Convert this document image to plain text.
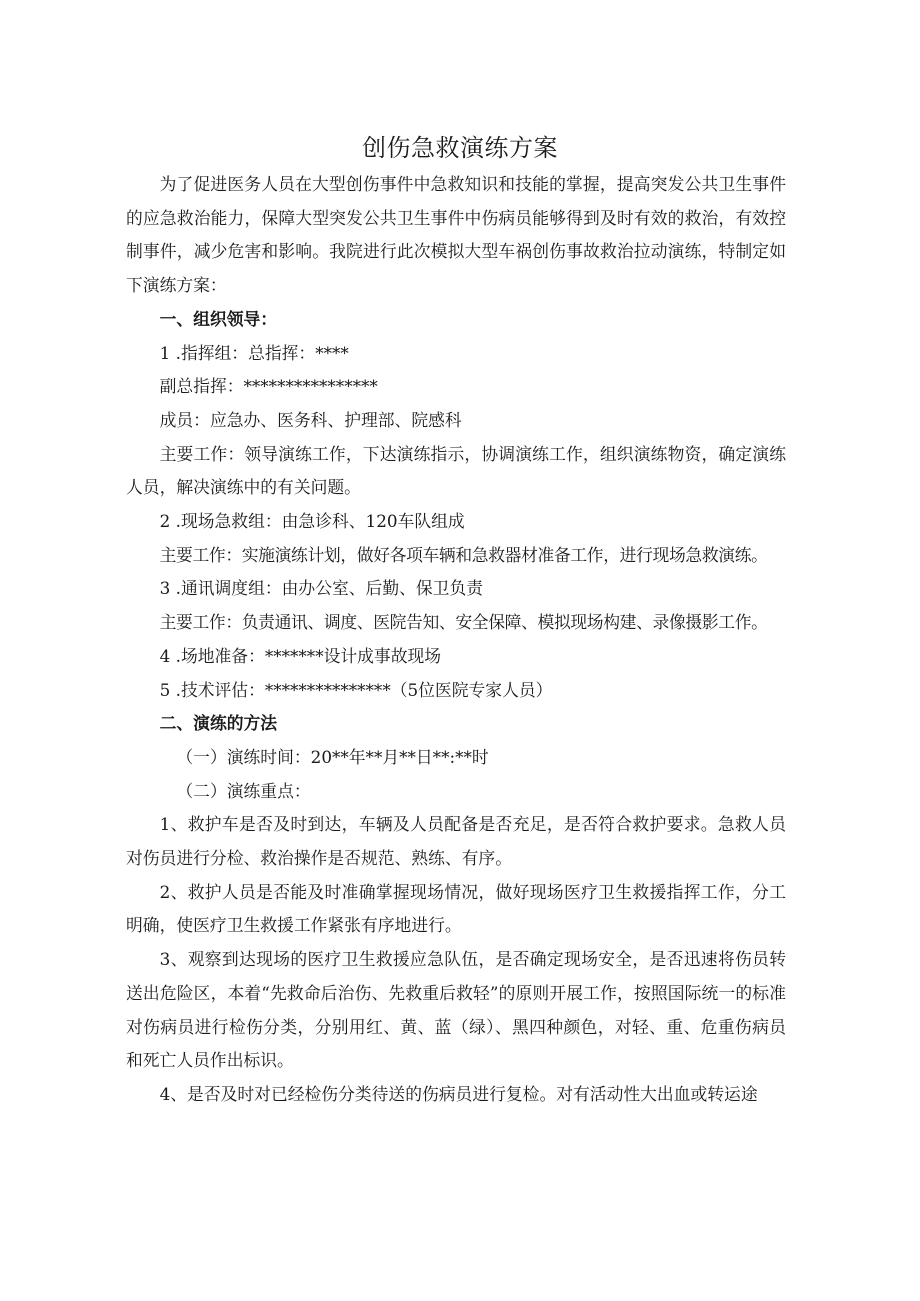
创伤急救演练方案

为了促进医务人员在大型创伤事件中急救知识和技能的掌握，提高突发公共卫生事件的应急救治能力，保障大型突发公共卫生事件中伤病员能够得到及时有效的救治，有效控制事件，减少危害和影响。我院进行此次模拟大型车祸创伤事故救治拉动演练，特制定如下演练方案：

一、组织领导：

1 .指挥组：总指挥：****

副总指挥：****************

成员：应急办、医务科、护理部、院感科

主要工作：领导演练工作，下达演练指示，协调演练工作，组织演练物资，确定演练人员，解决演练中的有关问题。

2 .现场急救组：由急诊科、120车队组成

主要工作：实施演练计划，做好各项车辆和急救器材准备工作，进行现场急救演练。

3 .通讯调度组：由办公室、后勤、保卫负责

主要工作：负责通讯、调度、医院告知、安全保障、模拟现场构建、录像摄影工作。

4 .场地准备：*******设计成事故现场

5 .技术评估：***************（5位医院专家人员）

二、演练的方法

（一）演练时间：20**年**月**日**:**时

（二）演练重点：

1、救护车是否及时到达，车辆及人员配备是否充足，是否符合救护要求。急救人员对伤员进行分检、救治操作是否规范、熟练、有序。

2、救护人员是否能及时准确掌握现场情况，做好现场医疗卫生救援指挥工作，分工明确，使医疗卫生救援工作紧张有序地进行。

3、观察到达现场的医疗卫生救援应急队伍，是否确定现场安全，是否迅速将伤员转送出危险区，本着“先救命后治伤、先救重后救轻”的原则开展工作，按照国际统一的标准对伤病员进行检伤分类，分别用红、黄、蓝（绿）、黑四种颜色，对轻、重、危重伤病员和死亡人员作出标识。

4、是否及时对已经检伤分类待送的伤病员进行复检。对有活动性大出血或转运途
